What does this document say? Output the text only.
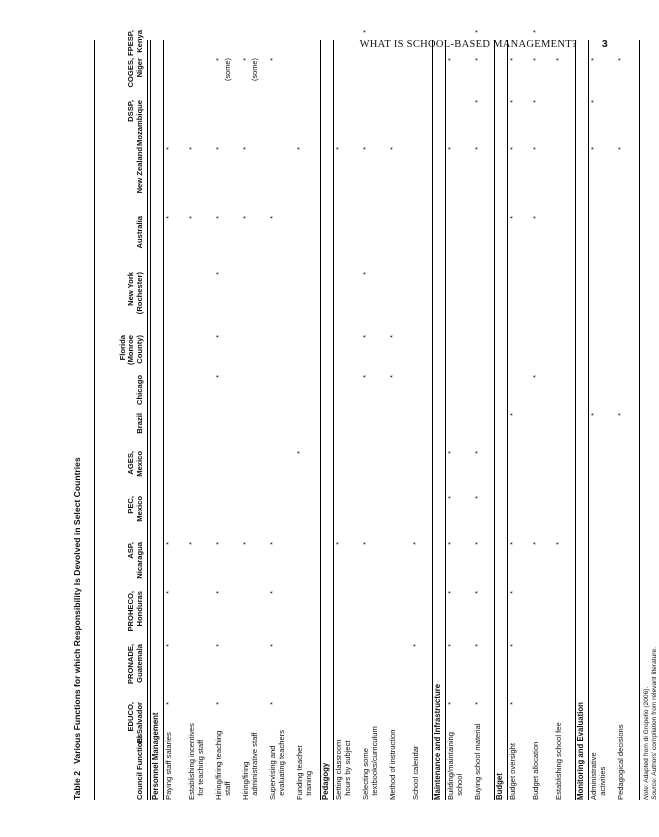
WHAT IS SCHOOL-BASED MANAGEMENT? 3
Table 2   Various Functions for which Responsibility Is Devolved in Select Countries
Council Functions
EDUCO, El Salvador
PRONADE, Guatemala
PROHECO, Honduras
ASP, Nicaragua
PEC, Mexico
AGES, Mexico
Brazil
Chicago
Florida (Monroe County)
New York (Rochester)
Australia
New Zealand
DSSP, Mozambique
COGES, Niger
FPESP, Kenya
Personnel Management Paying staff salaries
*
*
*
*
*
*
Establishing incentives for teaching staff
*
*
*
Hiring/firing teaching staff
*
*
*
*
*
*
*
*
*
* (some)
Hiring/firing administrative staff
*
*
*
* (some)
Supervising and evaluating teachers
*
*
*
*
*
*
Funding teacher training
*
*
Pedagogy Setting classroom hours by subject
*
*
Selecting some textbooks/curriculum
*
*
*
*
*
*
Method of instruction
*
*
*
School calendar
*
*
Maintenance and Infrastructure Building/maintaining school
*
*
*
*
*
*
*
*
Buying school material
*
*
*
*
*
*
*
*
*
*
Budget Budget oversight
*
*
*
*
*
*
*
*
*
Budget allocation
*
*
*
*
*
*
*
Establishing school fee
*
*
Monitoring and Evaluation Administrative activities
*
*
*
*
Pedagogical decisions
*
*
*
Note: Adapted from di Gropello (2006).
Source: Authors’ compilation from relevant literature.
